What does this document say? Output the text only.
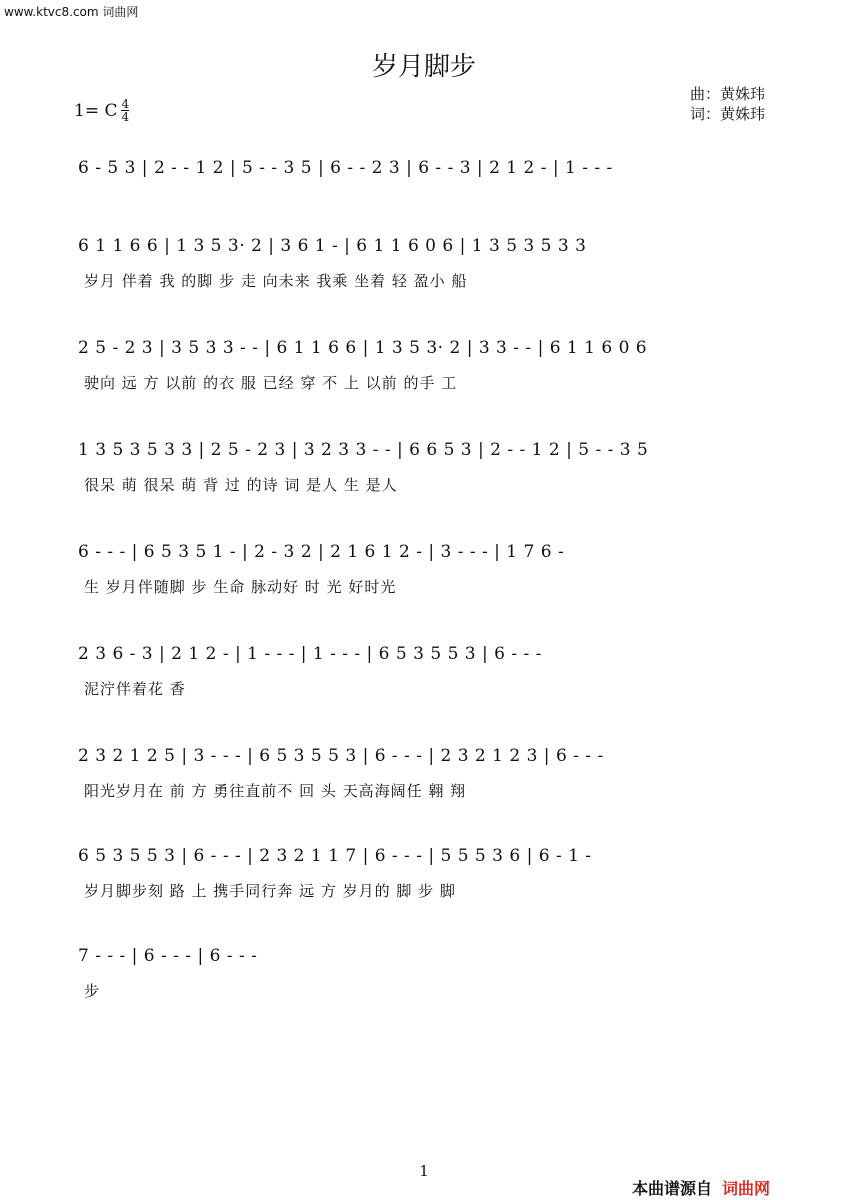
www.ktvc8.com 词曲网
岁月脚步
曲：黄姝玮
词：黄姝玮
1= C $\frac{4}{4}$
6 - 5 3 | 2 - - 1 2 | 5 - - 3 5 | 6 - - 2 3 | 6 - - 3 | 2 1 2 - | 1 - - -
6 1 1 6 6 | 1 3 5 3· 2 | 3 6 1 - | 6 1 1 6 0 6 | 1 3 5 3 5 3 3
岁月 伴着 我 的脚 步 走 向未来 我乘 坐着 轻 盈小 船
2 5 - 2 3 | 3 5 3 3 - - | 6 1 1 6 6 | 1 3 5 3· 2 | 3 3 - - | 6 1 1 6 0 6
驶向 远 方 以前 的衣 服 已经 穿 不 上 以前 的手 工
1 3 5 3 5 3 3 | 2 5 - 2 3 | 3 2 3 3 - - | 6 6 5 3 | 2 - - 1 2 | 5 - - 3 5
很呆 萌 很呆 萌 背 过 的诗 词 是人 生 是人
6 - - - | 6 5 3 5 1 - | 2 - 3 2 | 2 1 6 1 2 - | 3 - - - | 1 7 6 -
生 岁月伴随脚 步 生命 脉动好 时 光 好时光
2 3 6 - 3 | 2 1 2 - | 1 - - - | 1 - - - | 6 5 3 5 5 3 | 6 - - -
泥泞伴着花 香
2 3 2 1 2 5 | 3 - - - | 6 5 3 5 5 3 | 6 - - - | 2 3 2 1 2 3 | 6 - - -
阳光岁月在 前 方 勇往直前不 回 头 天高海阔任 翱 翔
6 5 3 5 5 3 | 6 - - - | 2 3 2 1 1 7 | 6 - - - | 5 5 5 3 6 | 6 - 1 -
岁月脚步刻 路 上 携手同行奔 远 方 岁月的 脚 步 脚
7 - - - | 6 - - - | 6 - - -
步
1
本曲谱源自 词曲网
